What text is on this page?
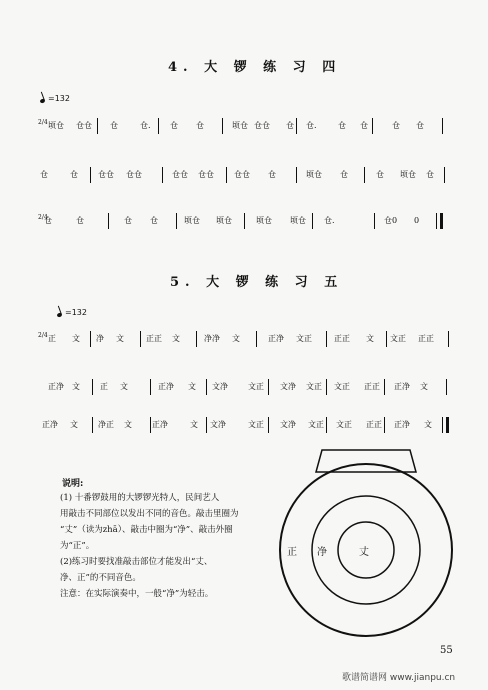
4. 大 锣 练 习 四
=132
顷仓 仓仓 仓	仓. 仓 仓	顷仓 仓仓 仓 仓.	仓 仓	仓 仓
仓	仓	仓仓 仓仓	仓仓 仓仓	仓仓 仓	顷仓 仓	仓 顷仓 仓
仓	仓	仓 仓	顷仓 顷仓	顷仓 顷仓 仓.	仓0 0
2/4
2/4
5. 大 锣 练 习 五
=132
正 文 净 文	正正 文	净净 文	正净 文正	正正 文 文正 正正
正净 文	正 文	正净 文 文净	文正 文净 文正 文正 正正 正净 文
正净 文	净正 文	正净	文 文净	文正 文净 文正 文正 正正 正净 文
2/4
说明:
(1) 十番锣鼓用的大锣锣光特人，民间艺人
用敲击不同部位以发出不同的音色。敲击里圈为
“丈”（读为zhā）、敲击中圈为“净”、敲击外圈
为“正”。
(2)练习时要找准敲击部位才能发出“丈、
净、正”的不同音色。
注意：在实际演奏中，一般“净”为轻击。
正 净	丈
55
歌谱简谱网 www.jianpu.cn
